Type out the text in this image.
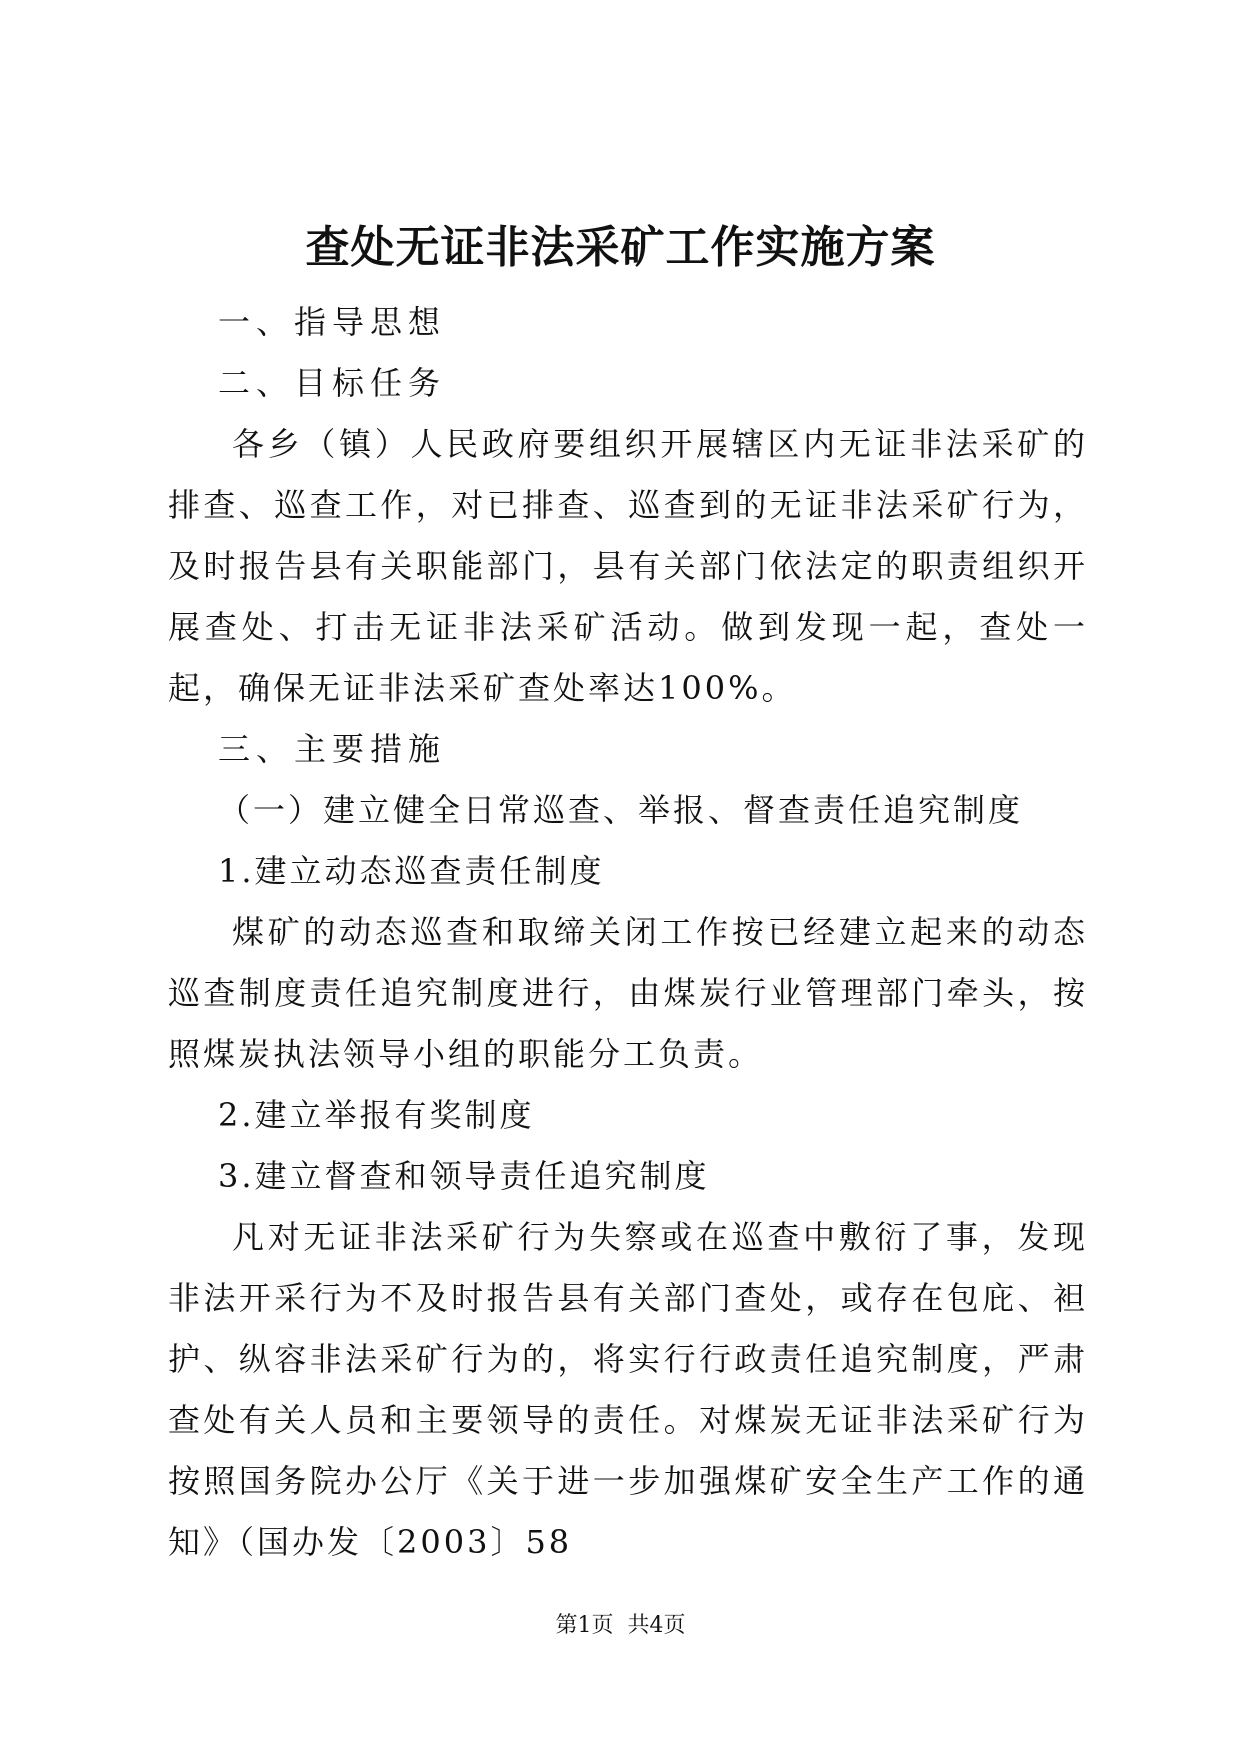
查处无证非法采矿工作实施方案

一、指导思想

二、目标任务

各乡（镇）人民政府要组织开展辖区内无证非法采矿的排查、巡查工作，对已排查、巡查到的无证非法采矿行为，及时报告县有关职能部门，县有关部门依法定的职责组织开展查处、打击无证非法采矿活动。做到发现一起，查处一起，确保无证非法采矿查处率达100%。

三、主要措施

（一）建立健全日常巡查、举报、督查责任追究制度

1.建立动态巡查责任制度

煤矿的动态巡查和取缔关闭工作按已经建立起来的动态巡查制度责任追究制度进行，由煤炭行业管理部门牵头，按照煤炭执法领导小组的职能分工负责。

2.建立举报有奖制度

3.建立督查和领导责任追究制度

凡对无证非法采矿行为失察或在巡查中敷衍了事，发现非法开采行为不及时报告县有关部门查处，或存在包庇、袒护、纵容非法采矿行为的，将实行行政责任追究制度，严肃查处有关人员和主要领导的责任。对煤炭无证非法采矿行为按照国务院办公厅《关于进一步加强煤矿安全生产工作的通知》（国办发〔2003〕58

第1页 共4页
